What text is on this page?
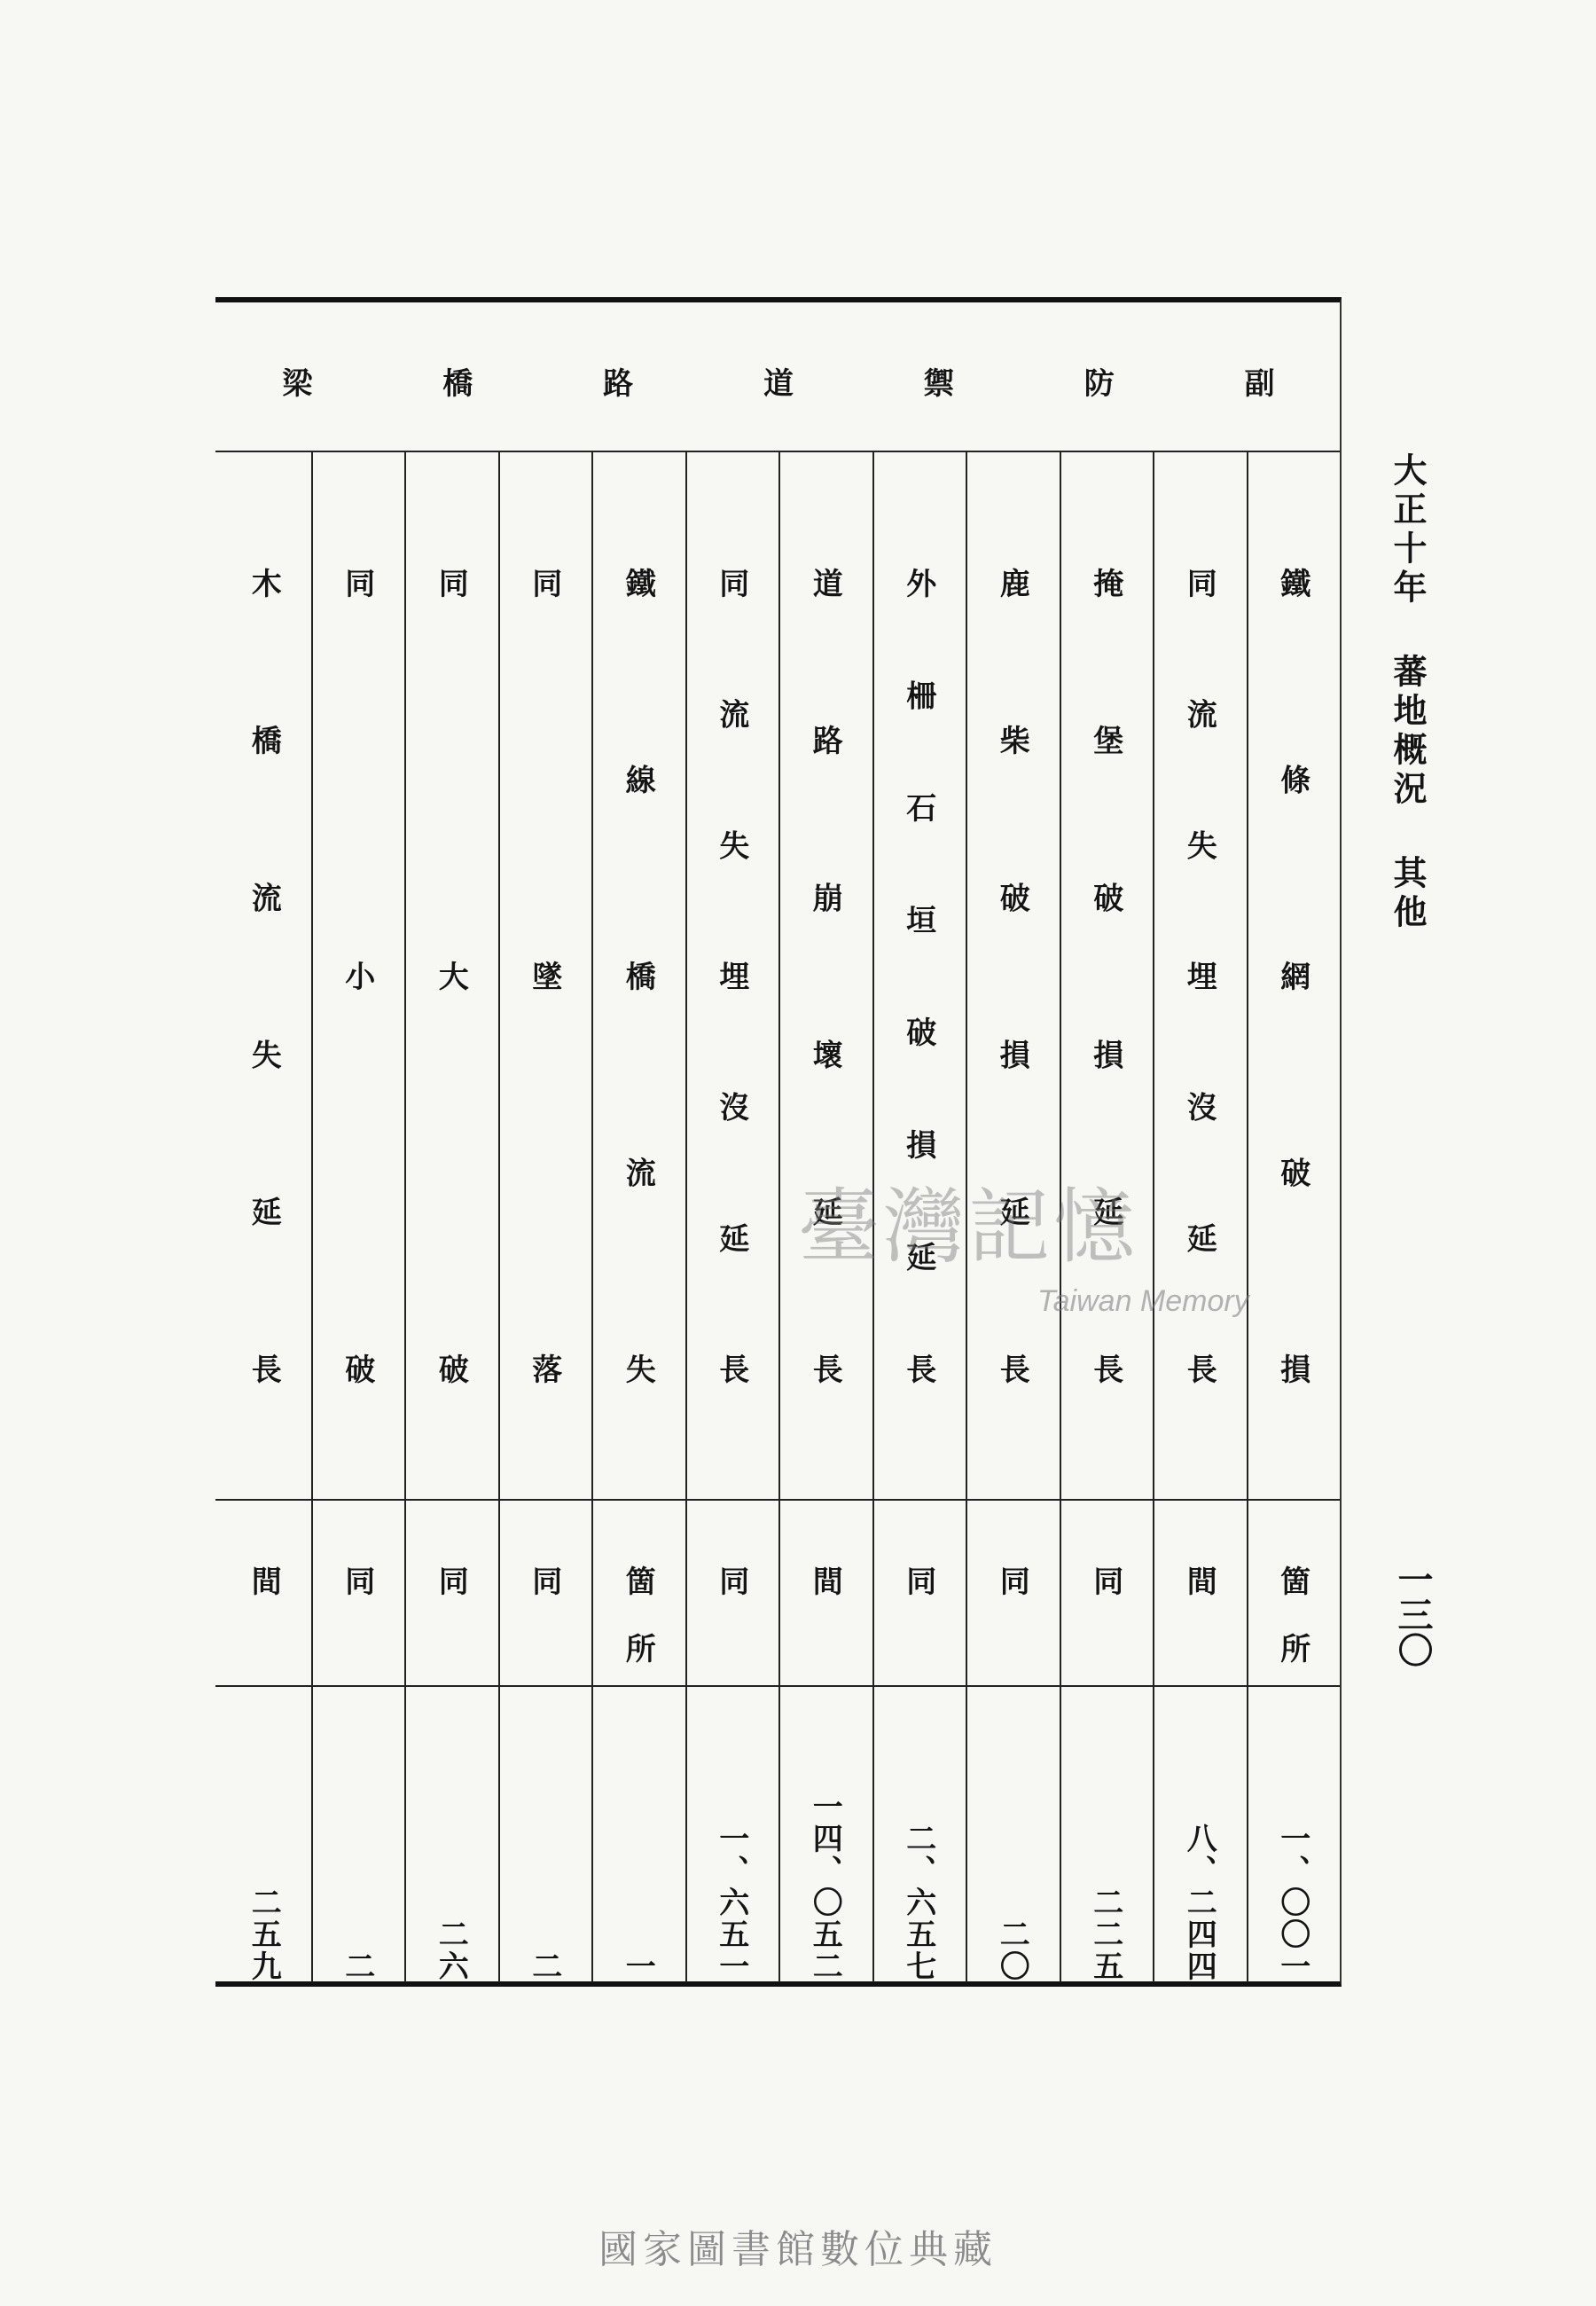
副
防
禦
道
路
橋
梁
鐵條網破損
箇所
一、〇〇一
同流失埋沒延長
間
八、二四四
掩堡破損延長
同
二二五
鹿柴破損延長
同
二〇
外柵石垣破損延長
同
二、六五七
道路崩壞延長
間
一四、〇五二
同流失埋沒延長
同
一、六五一
鐵線橋流失
箇所
一
同墜落
同
二
同大破
同
二六
同小破
同
二
木橋流失延長
間
二五九
大正十年 蕃地概況 其他
一三〇
臺灣記憶
Taiwan Memory
國家圖書館數位典藏
